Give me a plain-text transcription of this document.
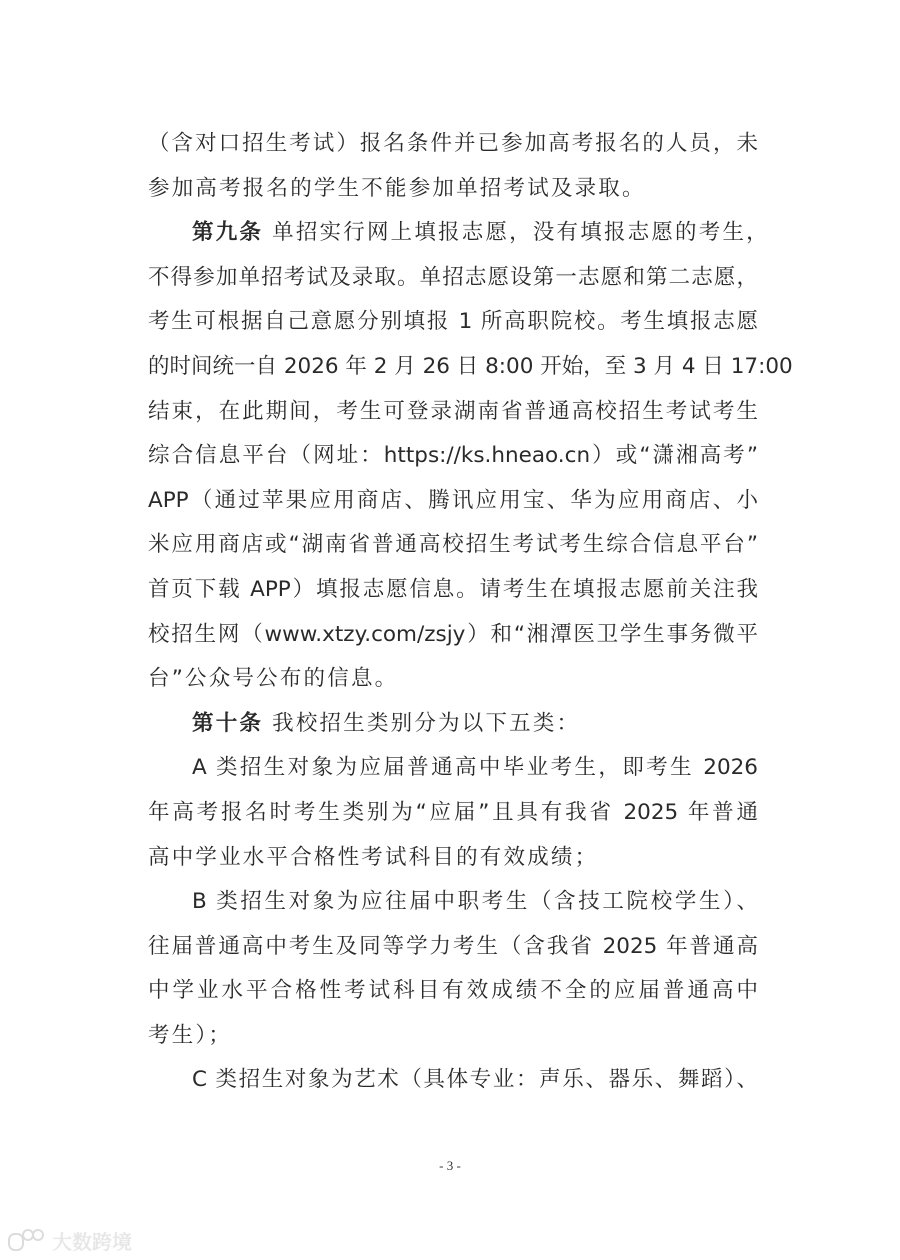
（含对口招生考试）报名条件并已参加高考报名的人员，未
参加高考报名的学生不能参加单招考试及录取。
第九条 单招实行网上填报志愿，没有填报志愿的考生，
不得参加单招考试及录取。单招志愿设第一志愿和第二志愿，
考生可根据自己意愿分别填报 1 所高职院校。考生填报志愿
的时间统一自 2026 年 2 月 26 日 8:00 开始，至 3 月 4 日 17:00
结束，在此期间，考生可登录湖南省普通高校招生考试考生
综合信息平台（网址：https://ks.hneao.cn）或“潇湘高考”
APP（通过苹果应用商店、腾讯应用宝、华为应用商店、小
米应用商店或“湖南省普通高校招生考试考生综合信息平台”
首页下载 APP）填报志愿信息。请考生在填报志愿前关注我
校招生网（www.xtzy.com/zsjy）和“湘潭医卫学生事务微平
台”公众号公布的信息。
第十条 我校招生类别分为以下五类：
A 类招生对象为应届普通高中毕业考生，即考生 2026
年高考报名时考生类别为“应届”且具有我省 2025 年普通
高中学业水平合格性考试科目的有效成绩；
B 类招生对象为应往届中职考生（含技工院校学生）、
往届普通高中考生及同等学力考生（含我省 2025 年普通高
中学业水平合格性考试科目有效成绩不全的应届普通高中
考生）；
C 类招生对象为艺术（具体专业：声乐、器乐、舞蹈）、
- 3 -
大数跨境
